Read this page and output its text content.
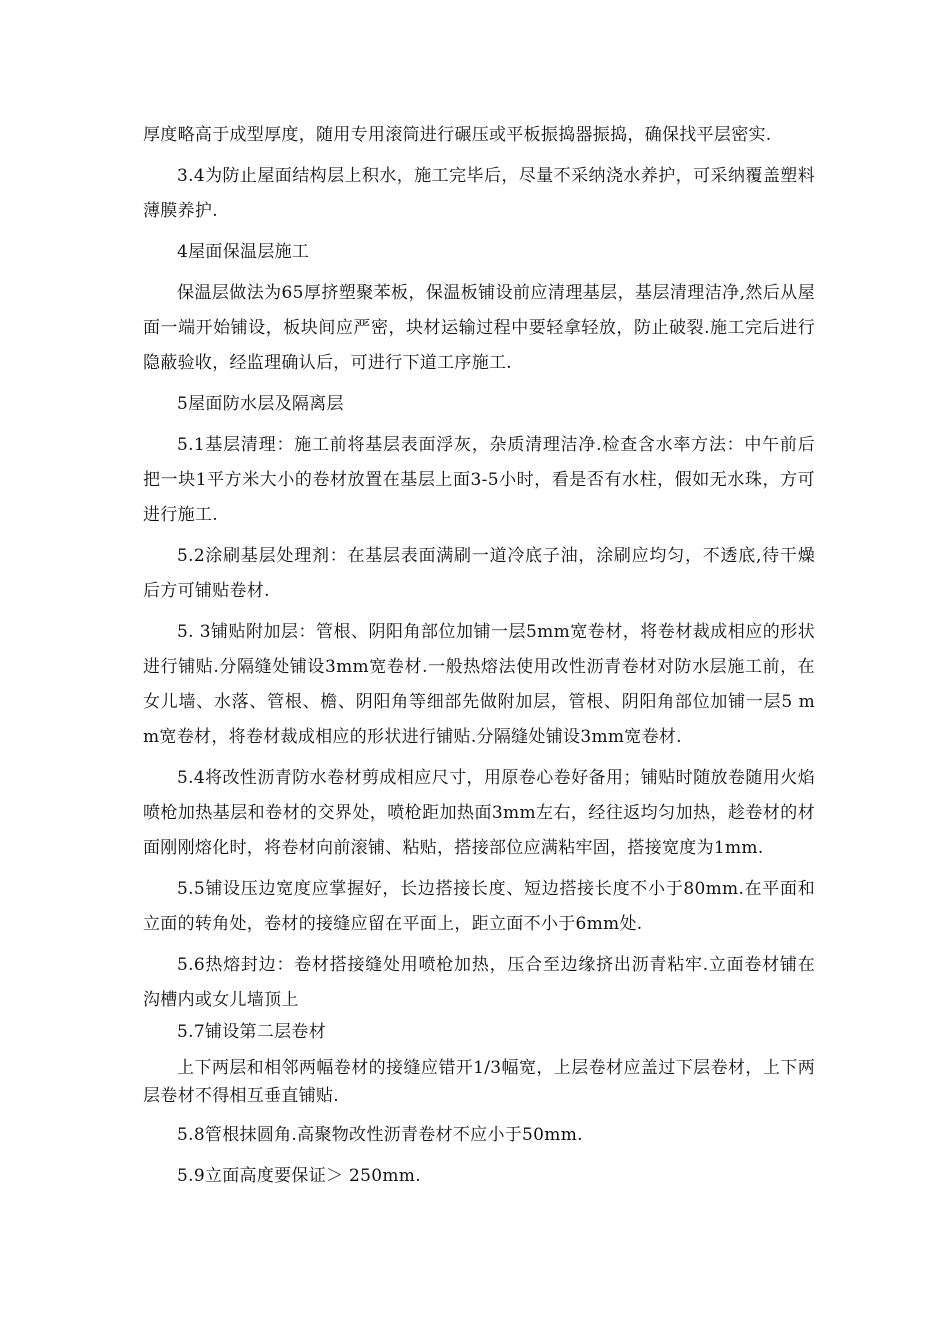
厚度略高于成型厚度，随用专用滚筒进行碾压或平板振捣器振捣，确保找平层密实.

3.4为防止屋面结构层上积水，施工完毕后，尽量不采纳浇水养护，可采纳覆盖塑料薄膜养护.

4屋面保温层施工

保温层做法为65厚挤塑聚苯板，保温板铺设前应清理基层，基层清理洁净,然后从屋面一端开始铺设，板块间应严密，块材运输过程中要轻拿轻放，防止破裂.施工完后进行隐蔽验收，经监理确认后，可进行下道工序施工.

5屋面防水层及隔离层

5.1基层清理：施工前将基层表面浮灰，杂质清理洁净.检查含水率方法：中午前后把一块1平方米大小的卷材放置在基层上面3-5小时，看是否有水柱，假如无水珠，方可进行施工.

5.2涂刷基层处理剂：在基层表面满刷一道冷底子油，涂刷应均匀，不透底,待干燥后方可铺贴卷材.

5. 3铺贴附加层：管根、阴阳角部位加铺一层5mm宽卷材，将卷材裁成相应的形状进行铺贴.分隔缝处铺设3mm宽卷材.一般热熔法使用改性沥青卷材对防水层施工前，在女儿墙、水落、管根、檐、阴阳角等细部先做附加层，管根、阴阳角部位加铺一层5 mm宽卷材，将卷材裁成相应的形状进行铺贴.分隔缝处铺设3mm宽卷材.

5.4将改性沥青防水卷材剪成相应尺寸，用原卷心卷好备用；铺贴时随放卷随用火焰喷枪加热基层和卷材的交界处，喷枪距加热面3mm左右，经往返均匀加热，趁卷材的材面刚刚熔化时，将卷材向前滚铺、粘贴，搭接部位应满粘牢固，搭接宽度为1mm.

5.5铺设压边宽度应掌握好，长边搭接长度、短边搭接长度不小于80mm.在平面和立面的转角处，卷材的接缝应留在平面上，距立面不小于6mm处.

5.6热熔封边：卷材搭接缝处用喷枪加热，压合至边缘挤出沥青粘牢.立面卷材铺在沟槽内或女儿墙顶上

5.7铺设第二层卷材

上下两层和相邻两幅卷材的接缝应错开1/3幅宽，上层卷材应盖过下层卷材，上下两层卷材不得相互垂直铺贴.

5.8管根抹圆角.高聚物改性沥青卷材不应小于50mm.

5.9立面高度要保证＞ 250mm.
